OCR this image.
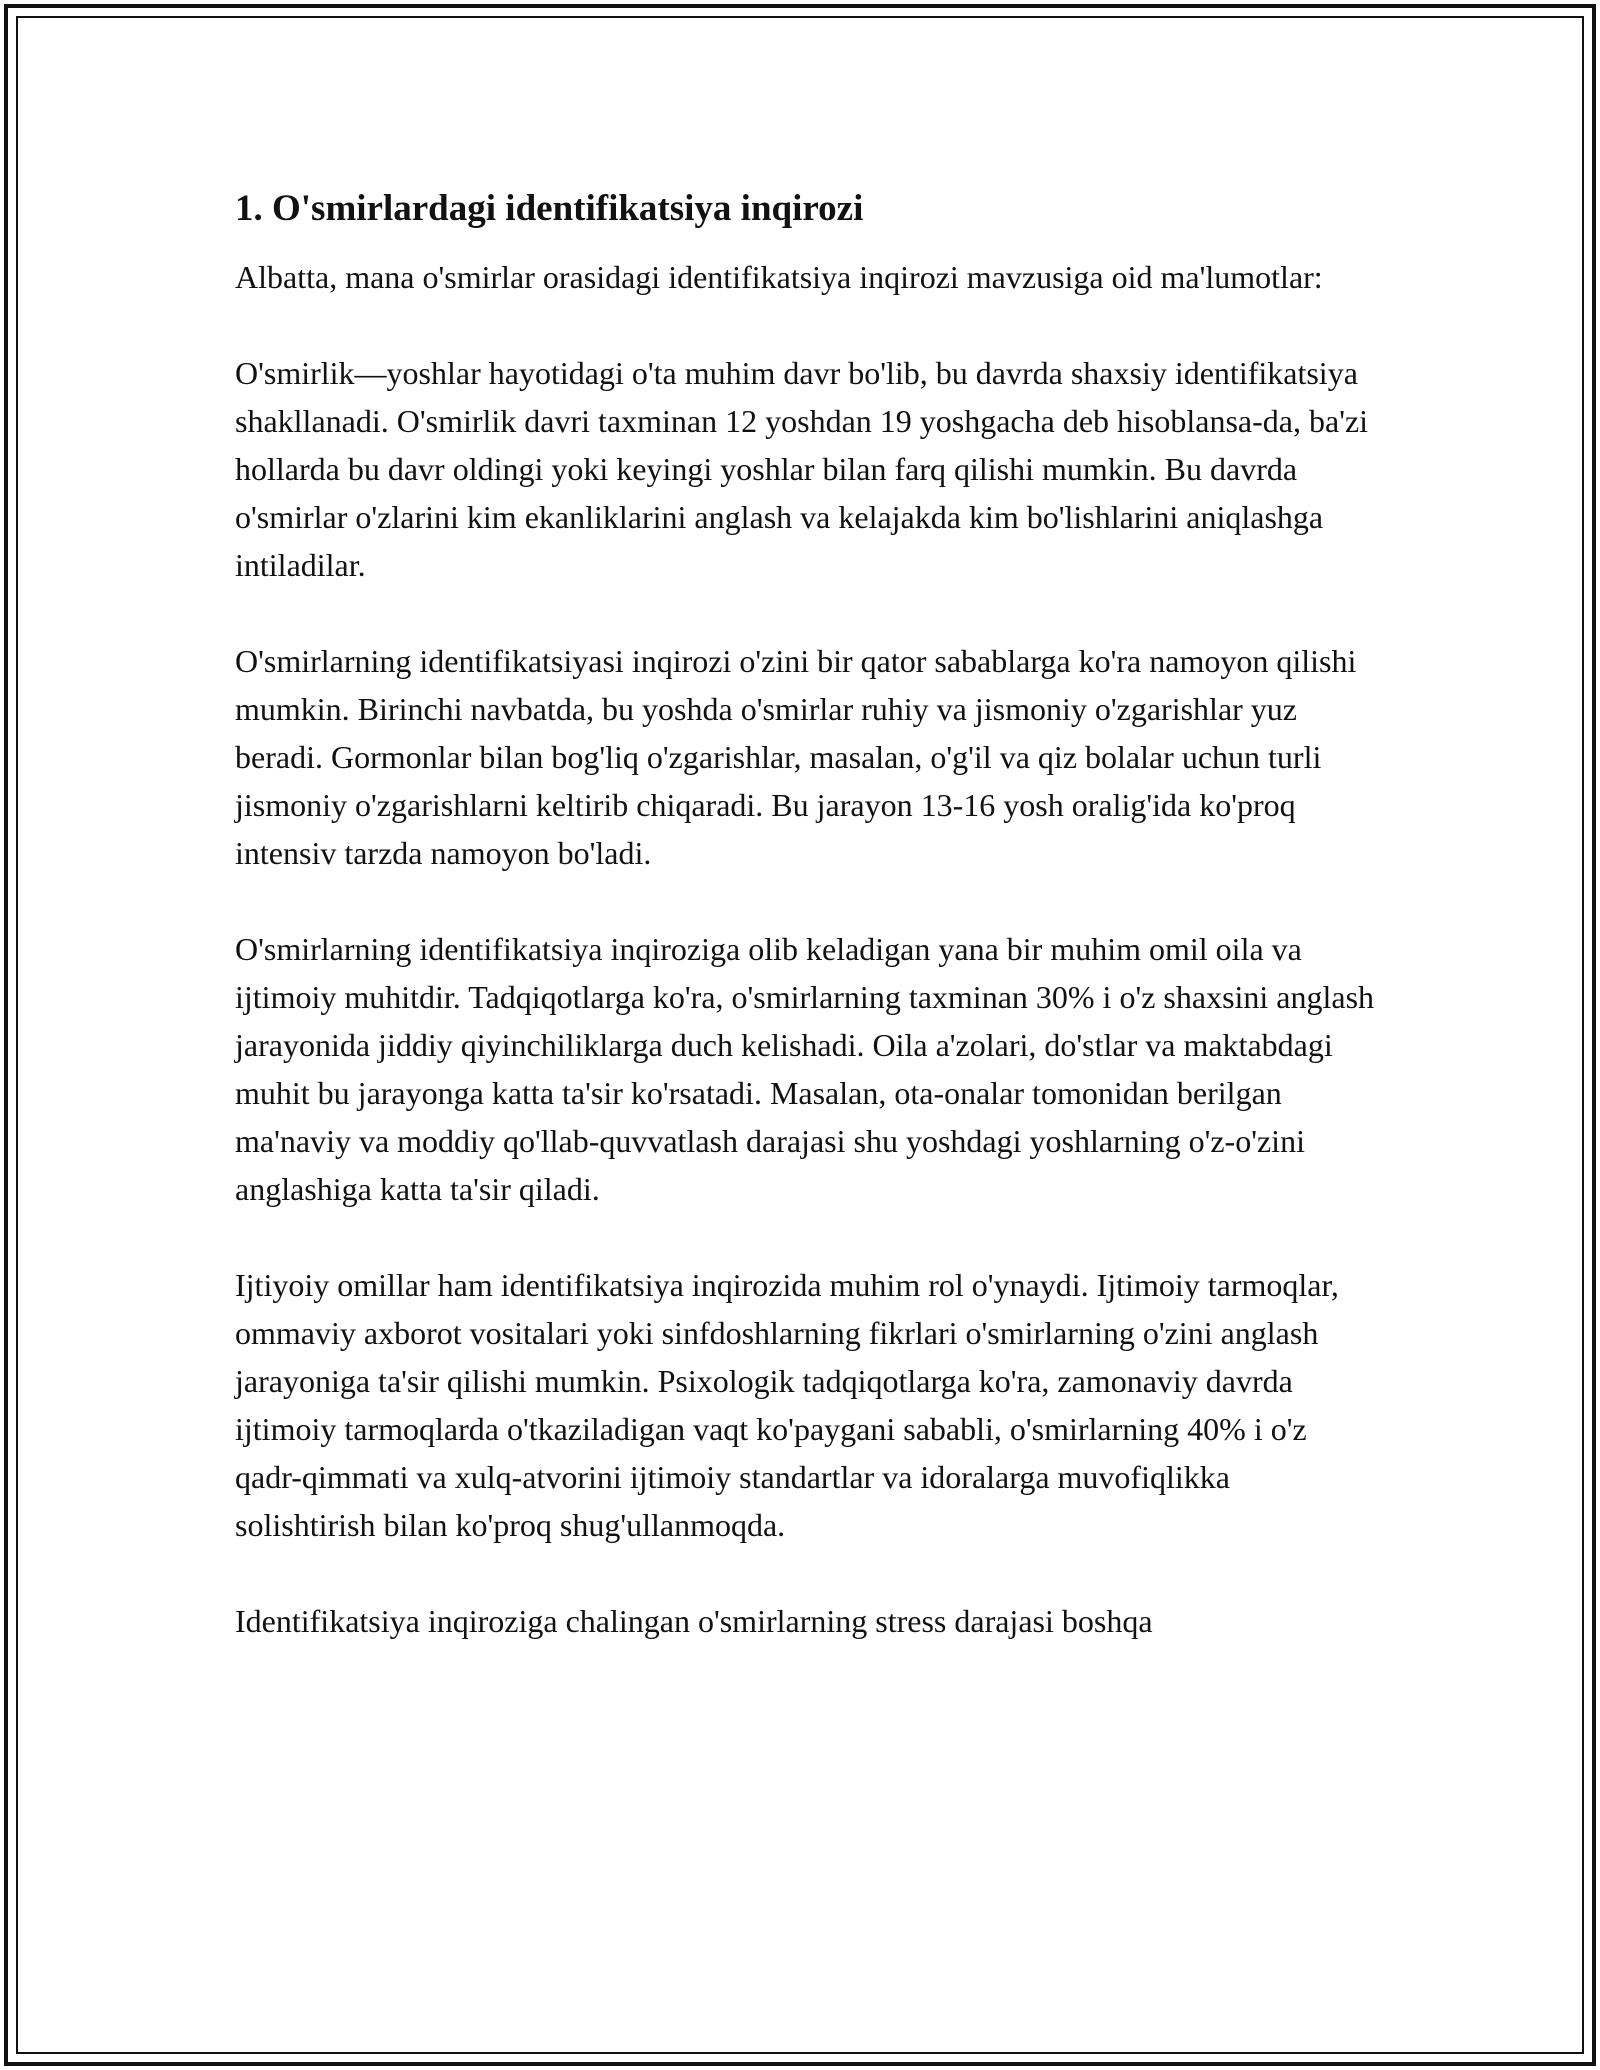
1. O'smirlardagi identifikatsiya inqirozi

Albatta, mana o'smirlar orasidagi identifikatsiya inqirozi mavzusiga oid ma'lumotlar:

O'smirlik—yoshlar hayotidagi o'ta muhim davr bo'lib, bu davrda shaxsiy identifikatsiya shakllanadi. O'smirlik davri taxminan 12 yoshdan 19 yoshgacha deb hisoblansa-da, ba'zi hollarda bu davr oldingi yoki keyingi yoshlar bilan farq qilishi mumkin. Bu davrda o'smirlar o'zlarini kim ekanliklarini anglash va kelajakda kim bo'lishlarini aniqlashga intiladilar.

O'smirlarning identifikatsiyasi inqirozi o'zini bir qator sabablarga ko'ra namoyon qilishi mumkin. Birinchi navbatda, bu yoshda o'smirlar ruhiy va jismoniy o'zgarishlar yuz beradi. Gormonlar bilan bog'liq o'zgarishlar, masalan, o'g'il va qiz bolalar uchun turli jismoniy o'zgarishlarni keltirib chiqaradi. Bu jarayon 13-16 yosh oralig'ida ko'proq intensiv tarzda namoyon bo'ladi.

O'smirlarning identifikatsiya inqiroziga olib keladigan yana bir muhim omil oila va ijtimoiy muhitdir. Tadqiqotlarga ko'ra, o'smirlarning taxminan 30% i o'z shaxsini anglash jarayonida jiddiy qiyinchiliklarga duch kelishadi. Oila a'zolari, do'stlar va maktabdagi muhit bu jarayonga katta ta'sir ko'rsatadi. Masalan, ota-onalar tomonidan berilgan ma'naviy va moddiy qo'llab-quvvatlash darajasi shu yoshdagi yoshlarning o'z-o'zini anglashiga katta ta'sir qiladi.

Ijtiyoiy omillar ham identifikatsiya inqirozida muhim rol o'ynaydi. Ijtimoiy tarmoqlar, ommaviy axborot vositalari yoki sinfdoshlarning fikrlari o'smirlarning o'zini anglash jarayoniga ta'sir qilishi mumkin. Psixologik tadqiqotlarga ko'ra, zamonaviy davrda ijtimoiy tarmoqlarda o'tkaziladigan vaqt ko'paygani sababli, o'smirlarning 40% i o'z qadr-qimmati va xulq-atvorini ijtimoiy standartlar va idoralarga muvofiqlikka solishtirish bilan ko'proq shug'ullanmoqda.

Identifikatsiya inqiroziga chalingan o'smirlarning stress darajasi boshqa
